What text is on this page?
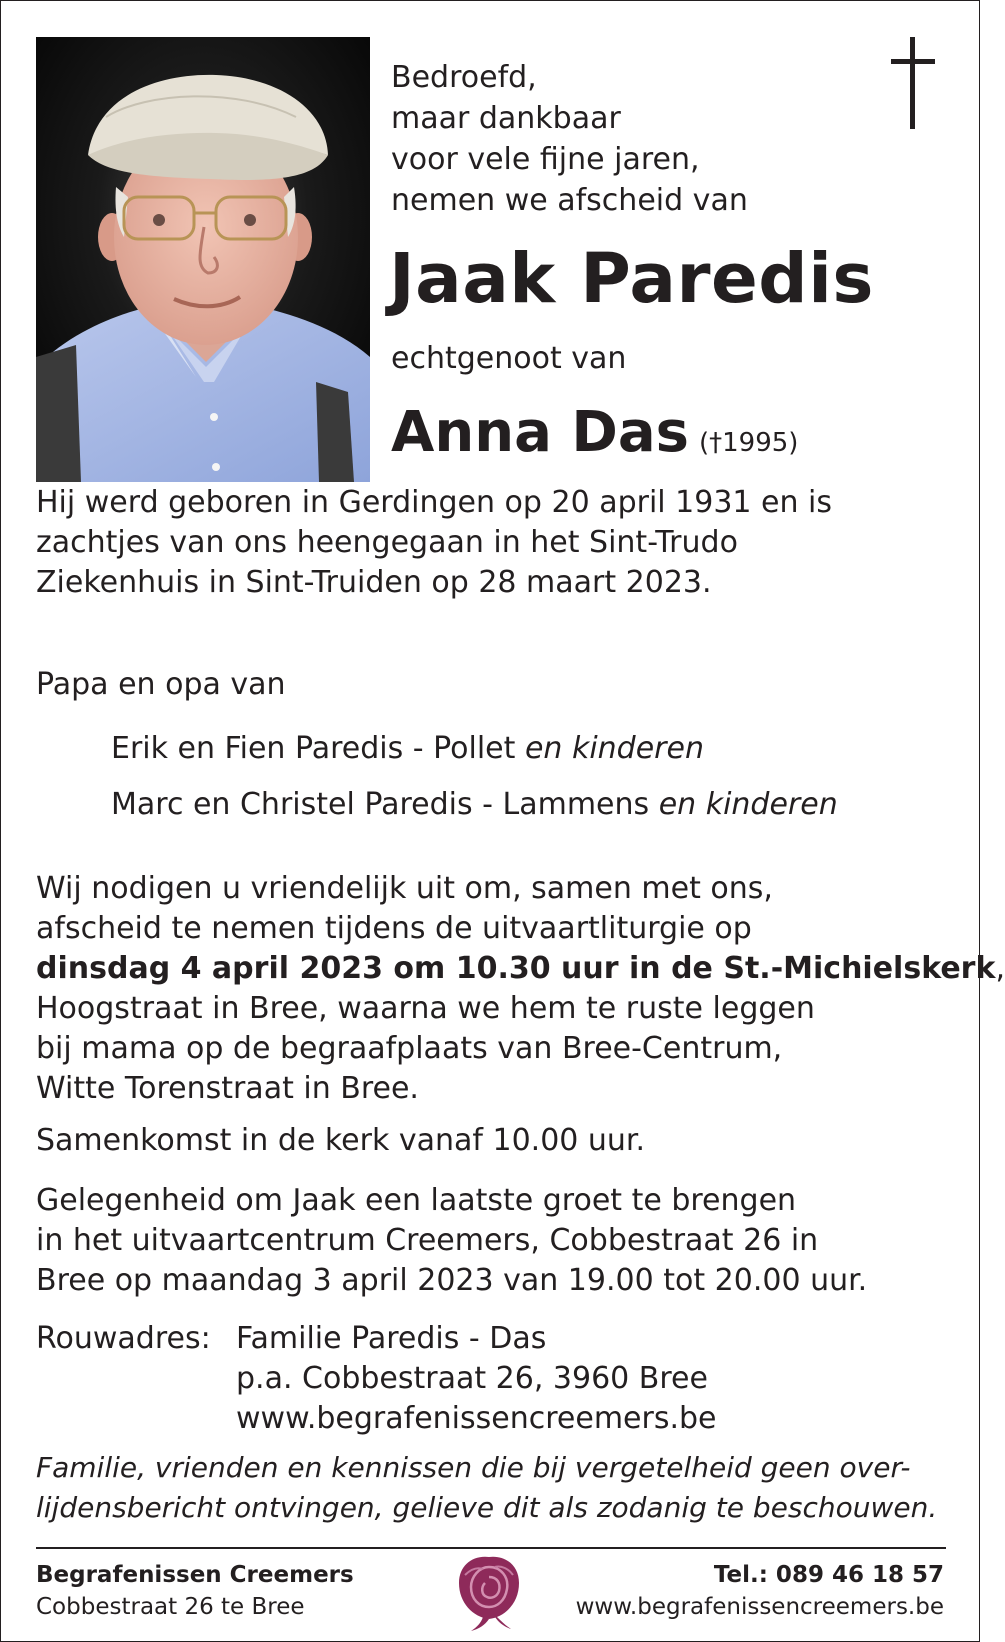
Bedroefd,
maar dankbaar
voor vele fijne jaren,
nemen we afscheid van
Jaak Paredis
echtgenoot van
Anna Das (†1995)
Hij werd geboren in Gerdingen op 20 april 1931 en is
zachtjes van ons heengegaan in het Sint-Trudo
Ziekenhuis in Sint-Truiden op 28 maart 2023.
Papa en opa van
Erik en Fien Paredis - Pollet en kinderen
Marc en Christel Paredis - Lammens en kinderen
Wij nodigen u vriendelijk uit om, samen met ons,
afscheid te nemen tijdens de uitvaartliturgie op
dinsdag 4 april 2023 om 10.30 uur in de St.-Michielskerk,
Hoogstraat in Bree, waarna we hem te ruste leggen
bij mama op de begraafplaats van Bree-Centrum,
Witte Torenstraat in Bree.
Samenkomst in de kerk vanaf 10.00 uur.
Gelegenheid om Jaak een laatste groet te brengen
in het uitvaartcentrum Creemers, Cobbestraat 26 in
Bree op maandag 3 april 2023 van 19.00 tot 20.00 uur.
Rouwadres: Familie Paredis - Das
p.a. Cobbestraat 26, 3960 Bree
www.begrafenissencreemers.be
Familie, vrienden en kennissen die bij vergetelheid geen over-
lijdensbericht ontvingen, gelieve dit als zodanig te beschouwen.
Begrafenissen Creemers
Cobbestraat 26 te Bree
Tel.: 089 46 18 57
www.begrafenissencreemers.be
